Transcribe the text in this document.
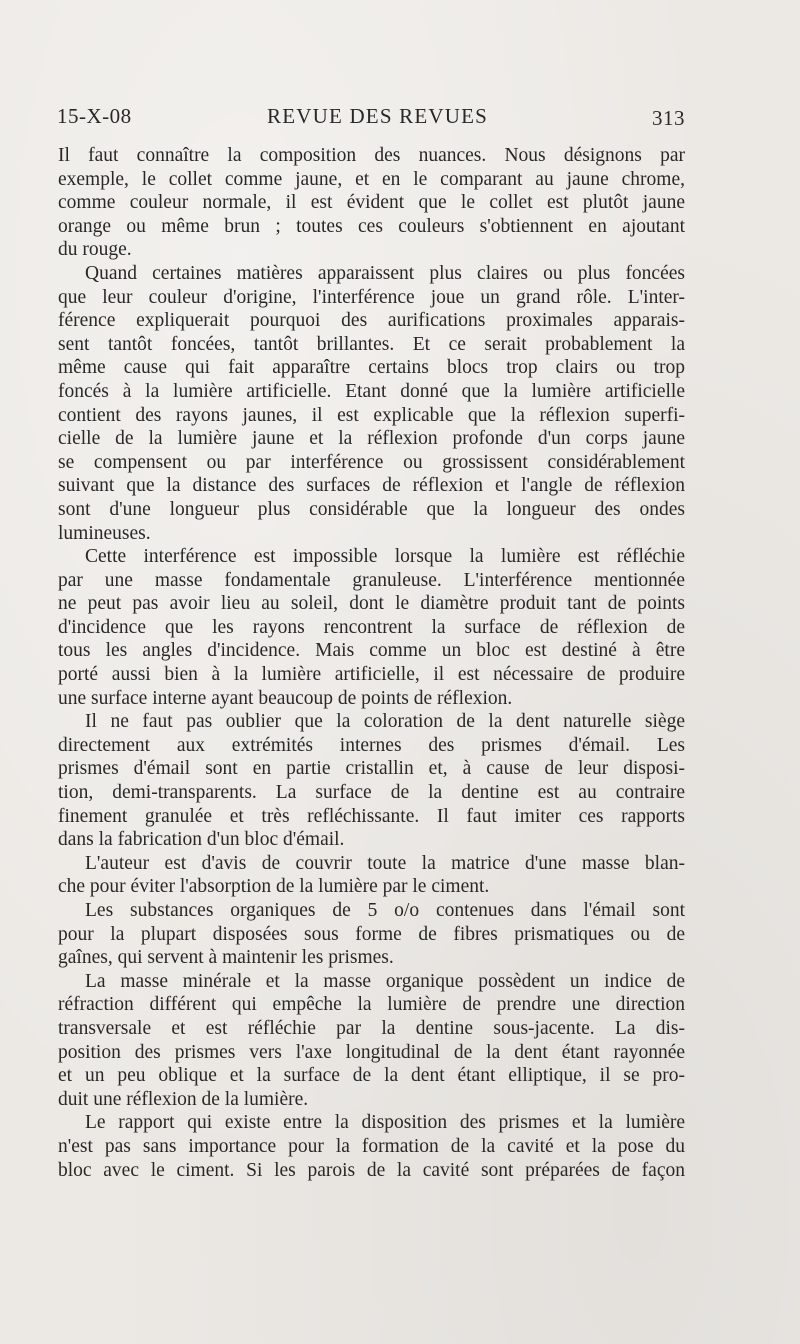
15-X-08	REVUE DES REVUES	313
Il faut connaître la composition des nuances. Nous désignons par
exemple, le collet comme jaune, et en le comparant au jaune chrome,
comme couleur normale, il est évident que le collet est plutôt jaune
orange ou même brun ; toutes ces couleurs s'obtiennent en ajoutant
du rouge.
Quand certaines matières apparaissent plus claires ou plus foncées
que leur couleur d'origine, l'interférence joue un grand rôle. L'inter-
férence expliquerait pourquoi des aurifications proximales apparais-
sent tantôt foncées, tantôt brillantes. Et ce serait probablement la
même cause qui fait apparaître certains blocs trop clairs ou trop
foncés à la lumière artificielle. Etant donné que la lumière artificielle
contient des rayons jaunes, il est explicable que la réflexion superfi-
cielle de la lumière jaune et la réflexion profonde d'un corps jaune
se compensent ou par interférence ou grossissent considérablement
suivant que la distance des surfaces de réflexion et l'angle de réflexion
sont d'une longueur plus considérable que la longueur des ondes
lumineuses.
Cette interférence est impossible lorsque la lumière est réfléchie
par une masse fondamentale granuleuse. L'interférence mentionnée
ne peut pas avoir lieu au soleil, dont le diamètre produit tant de points
d'incidence que les rayons rencontrent la surface de réflexion de
tous les angles d'incidence. Mais comme un bloc est destiné à être
porté aussi bien à la lumière artificielle, il est nécessaire de produire
une surface interne ayant beaucoup de points de réflexion.
Il ne faut pas oublier que la coloration de la dent naturelle siège
directement aux extrémités internes des prismes d'émail. Les
prismes d'émail sont en partie cristallin et, à cause de leur disposi-
tion, demi-transparents. La surface de la dentine est au contraire
finement granulée et très refléchissante. Il faut imiter ces rapports
dans la fabrication d'un bloc d'émail.
L'auteur est d'avis de couvrir toute la matrice d'une masse blan-
che pour éviter l'absorption de la lumière par le ciment.
Les substances organiques de 5 o/o contenues dans l'émail sont
pour la plupart disposées sous forme de fibres prismatiques ou de
gaînes, qui servent à maintenir les prismes.
La masse minérale et la masse organique possèdent un indice de
réfraction différent qui empêche la lumière de prendre une direction
transversale et est réfléchie par la dentine sous-jacente. La dis-
position des prismes vers l'axe longitudinal de la dent étant rayonnée
et un peu oblique et la surface de la dent étant elliptique, il se pro-
duit une réflexion de la lumière.
Le rapport qui existe entre la disposition des prismes et la lumière
n'est pas sans importance pour la formation de la cavité et la pose du
bloc avec le ciment. Si les parois de la cavité sont préparées de façon
